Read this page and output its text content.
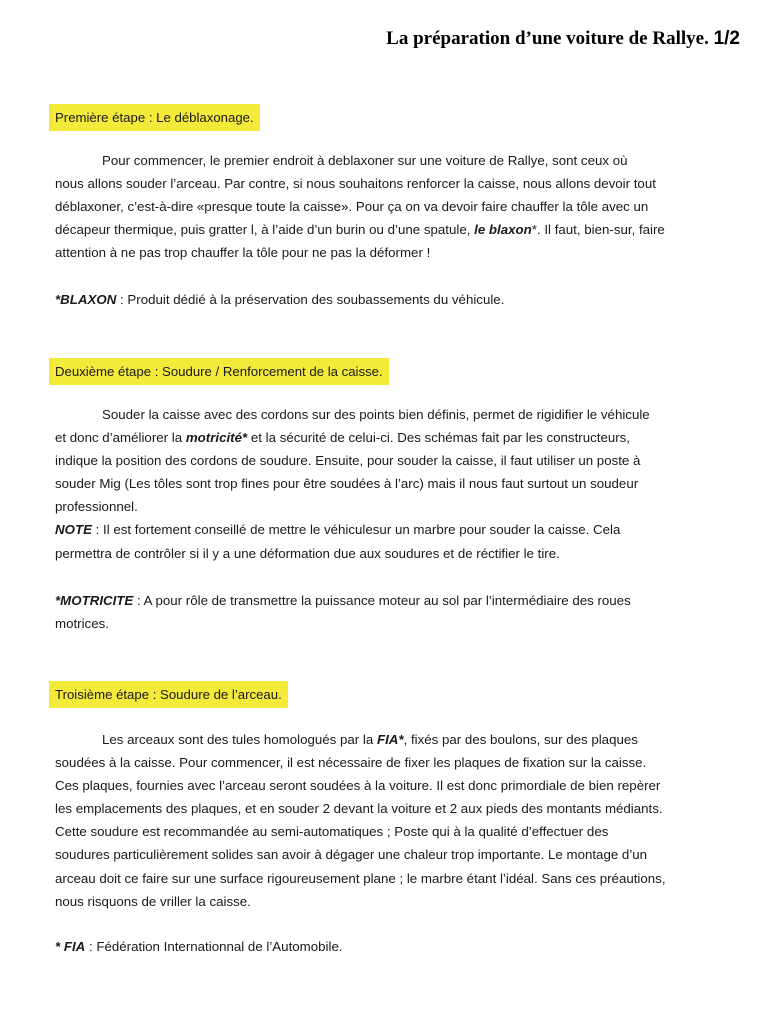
La préparation d’une voiture de Rallye. 1/2
Première étape : Le déblaxonage.
Pour commencer, le premier endroit à deblaxoner sur une voiture de Rallye, sont ceux où
nous allons souder l’arceau. Par contre, si nous souhaitons renforcer la caisse, nous allons devoir tout
déblaxoner, c’est-à-dire «presque toute la caisse». Pour ça on va devoir faire chauffer la tôle avec un
décapeur thermique, puis gratter l, à l’aide d’un burin ou d’une spatule, le blaxon*. Il faut, bien-sur, faire
attention à ne pas trop chauffer la tôle pour ne pas la déformer !
*BLAXON : Produit dédié à la préservation des soubassements du véhicule.
Deuxième étape : Soudure / Renforcement de la caisse.
Souder la caisse avec des cordons sur des points bien définis, permet de rigidifier le véhicule
et donc d’améliorer la motricité* et la sécurité de celui-ci. Des schémas fait par les constructeurs,
indique la position des cordons de soudure. Ensuite, pour souder la caisse, il faut utiliser un poste à
souder Mig (Les tôles sont trop fines pour être soudées à l’arc) mais il nous faut surtout un soudeur
professionnel.
NOTE : Il est fortement conseillé de mettre le véhiculesur un marbre pour souder la caisse. Cela
permettra de contrôler si il y a une déformation due aux soudures et de réctifier le tire.
*MOTRICITE : A pour rôle de transmettre la puissance moteur au sol par l’intermédiaire des roues
motrices.
Troisième étape : Soudure de l’arceau.
Les arceaux sont des tules homologués par la FIA*, fixés par des boulons, sur des plaques
soudées à la caisse. Pour commencer, il est nécessaire de fixer les plaques de fixation sur la caisse.
Ces plaques, fournies avec l’arceau seront soudées à la voiture. Il est donc primordiale de bien repèrer
les emplacements des plaques, et en souder 2 devant la voiture et 2 aux pieds des montants médiants.
Cette soudure est recommandée au semi-automatiques ; Poste qui à la qualité d’effectuer des
soudures particulièrement solides san avoir à dégager une chaleur trop importante. Le montage d’un
arceau doit ce faire sur une surface rigoureusement plane ; le marbre étant l’idéal. Sans ces préautions,
nous risquons de vriller la caisse.
* FIA : Fédération Internationnal de l’Automobile.
